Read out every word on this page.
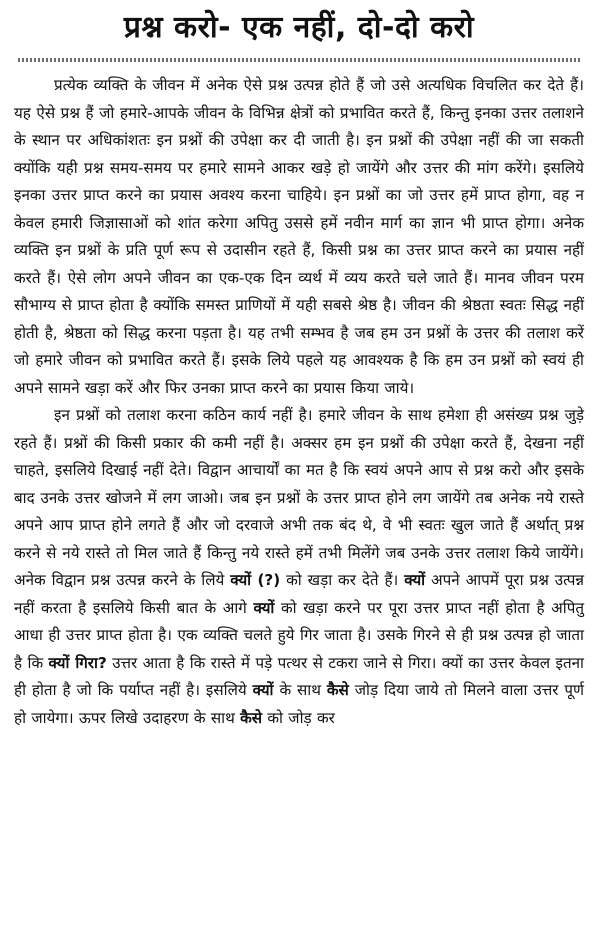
प्रश्न करो- एक नहीं, दो-दो करो

प्रत्येक व्यक्ति के जीवन में अनेक ऐसे प्रश्न उत्पन्न होते हैं जो उसे अत्यधिक विचलित कर देते हैं। यह ऐसे प्रश्न हैं जो हमारे-आपके जीवन के विभिन्न क्षेत्रों को प्रभावित करते हैं, किन्तु इनका उत्तर तलाशने के स्थान पर अधिकांशतः इन प्रश्नों की उपेक्षा कर दी जाती है। इन प्रश्नों की उपेक्षा नहीं की जा सकती क्योंकि यही प्रश्न समय-समय पर हमारे सामने आकर खड़े हो जायेंगे और उत्तर की मांग करेंगे। इसलिये इनका उत्तर प्राप्त करने का प्रयास अवश्य करना चाहिये। इन प्रश्नों का जो उत्तर हमें प्राप्त होगा, वह न केवल हमारी जिज्ञासाओं को शांत करेगा अपितु उससे हमें नवीन मार्ग का ज्ञान भी प्राप्त होगा। अनेक व्यक्ति इन प्रश्नों के प्रति पूर्ण रूप से उदासीन रहते हैं, किसी प्रश्न का उत्तर प्राप्त करने का प्रयास नहीं करते हैं। ऐसे लोग अपने जीवन का एक-एक दिन व्यर्थ में व्यय करते चले जाते हैं। मानव जीवन परम सौभाग्य से प्राप्त होता है क्योंकि समस्त प्राणियों में यही सबसे श्रेष्ठ है। जीवन की श्रेष्ठता स्वतः सिद्ध नहीं होती है, श्रेष्ठता को सिद्ध करना पड़ता है। यह तभी सम्भव है जब हम उन प्रश्नों के उत्तर की तलाश करें जो हमारे जीवन को प्रभावित करते हैं। इसके लिये पहले यह आवश्यक है कि हम उन प्रश्नों को स्वयं ही अपने सामने खड़ा करें और फिर उनका प्राप्त करने का प्रयास किया जाये।

इन प्रश्नों को तलाश करना कठिन कार्य नहीं है। हमारे जीवन के साथ हमेशा ही असंख्य प्रश्न जुड़े रहते हैं। प्रश्नों की किसी प्रकार की कमी नहीं है। अक्सर हम इन प्रश्नों की उपेक्षा करते हैं, देखना नहीं चाहते, इसलिये दिखाई नहीं देते। विद्वान आचार्यों का मत है कि स्वयं अपने आप से प्रश्न करो और इसके बाद उनके उत्तर खोजने में लग जाओ। जब इन प्रश्नों के उत्तर प्राप्त होने लग जायेंगे तब अनेक नये रास्ते अपने आप प्राप्त होने लगते हैं और जो दरवाजे अभी तक बंद थे, वे भी स्वतः खुल जाते हैं अर्थात् प्रश्न करने से नये रास्ते तो मिल जाते हैं किन्तु नये रास्ते हमें तभी मिलेंगे जब उनके उत्तर तलाश किये जायेंगे। अनेक विद्वान प्रश्न उत्पन्न करने के लिये क्यों (?) को खड़ा कर देते हैं। क्यों अपने आपमें पूरा प्रश्न उत्पन्न नहीं करता है इसलिये किसी बात के आगे क्यों को खड़ा करने पर पूरा उत्तर प्राप्त नहीं होता है अपितु आधा ही उत्तर प्राप्त होता है। एक व्यक्ति चलते हुये गिर जाता है। उसके गिरने से ही प्रश्न उत्पन्न हो जाता है कि क्यों गिरा? उत्तर आता है कि रास्ते में पड़े पत्थर से टकरा जाने से गिरा। क्यों का उत्तर केवल इतना ही होता है जो कि पर्याप्त नहीं है। इसलिये क्यों के साथ कैसे जोड़ दिया जाये तो मिलने वाला उत्तर पूर्ण हो जायेगा। ऊपर लिखे उदाहरण के साथ कैसे को जोड़ कर
